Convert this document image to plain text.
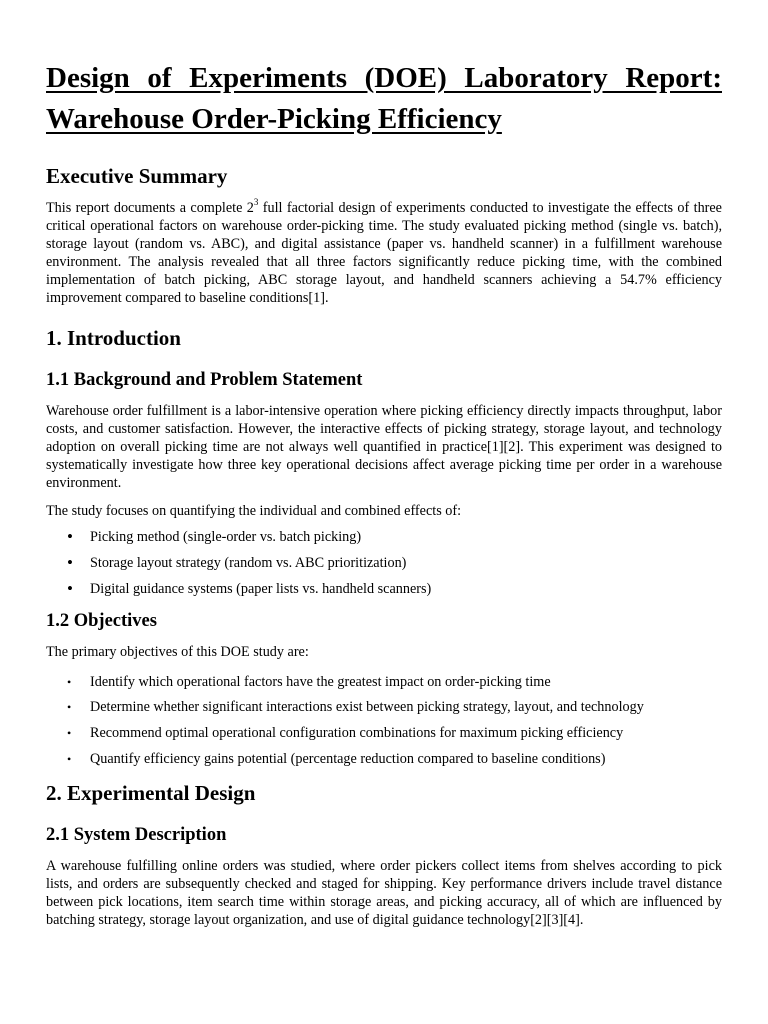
Design of Experiments (DOE) Laboratory Report:
Warehouse Order-Picking Efficiency
Executive Summary

This report documents a complete $2^3$ full factorial design of experiments conducted to investigate the effects of three critical operational factors on warehouse order-picking time. The study evaluated picking method (single vs. batch), storage layout (random vs. ABC), and digital assistance (paper vs. handheld scanner) in a fulfillment warehouse environment. The analysis revealed that all three factors significantly reduce picking time, with the combined implementation of batch picking, ABC storage layout, and handheld scanners achieving a 54.7% efficiency improvement compared to baseline conditions[1].

1. Introduction
1.1 Background and Problem Statement

Warehouse order fulfillment is a labor-intensive operation where picking efficiency directly impacts throughput, labor costs, and customer satisfaction. However, the interactive effects of picking strategy, storage layout, and technology adoption on overall picking time are not always well quantified in practice[1][2]. This experiment was designed to systematically investigate how three key operational decisions affect average picking time per order in a warehouse environment.

The study focuses on quantifying the individual and combined effects of:

• Picking method (single-order vs. batch picking)
• Storage layout strategy (random vs. ABC prioritization)
• Digital guidance systems (paper lists vs. handheld scanners)
1.2 Objectives

The primary objectives of this DOE study are:

• Identify which operational factors have the greatest impact on order-picking time
• Determine whether significant interactions exist between picking strategy, layout, and technology
• Recommend optimal operational configuration combinations for maximum picking efficiency
• Quantify efficiency gains potential (percentage reduction compared to baseline conditions)
2. Experimental Design
2.1 System Description

A warehouse fulfilling online orders was studied, where order pickers collect items from shelves according to pick lists, and orders are subsequently checked and staged for shipping. Key performance drivers include travel distance between pick locations, item search time within storage areas, and picking accuracy, all of which are influenced by batching strategy, storage layout organization, and use of digital guidance technology[2][3][4].
